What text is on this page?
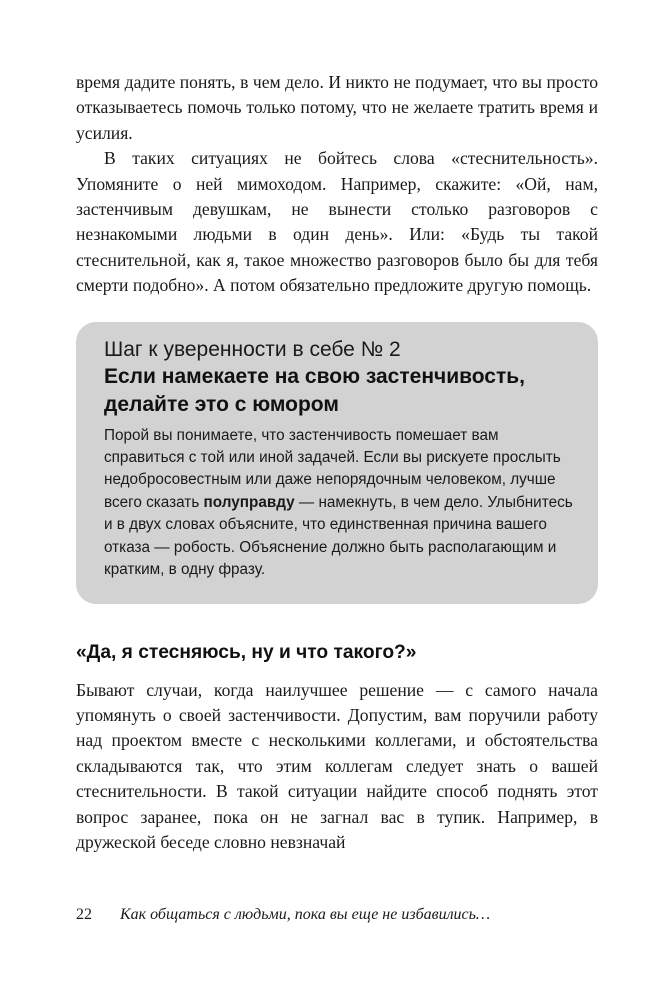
время дадите понять, в чем дело. И никто не подумает, что вы просто отказываетесь помочь только потому, что не желаете тратить время и усилия.

В таких ситуациях не бойтесь слова «стеснительность». Упомяните о ней мимоходом. Например, скажите: «Ой, нам, застенчивым девушкам, не вынести столько разговоров с незнакомыми людьми в один день». Или: «Будь ты такой стеснительной, как я, такое множество разговоров было бы для тебя смерти подобно». А потом обязательно предложите другую помощь.

Шаг к уверенности в себе № 2

Если намекаете на свою застенчивость, делайте это с юмором

Порой вы понимаете, что застенчивость помешает вам справиться с той или иной задачей. Если вы рискуете прослыть недобросовестным или даже непорядочным человеком, лучше всего сказать полуправду — намекнуть, в чем дело. Улыбнитесь и в двух словах объясните, что единственная причина вашего отказа — робость. Объяснение должно быть располагающим и кратким, в одну фразу.

«Да, я стесняюсь, ну и что такого?»

Бывают случаи, когда наилучшее решение — с самого начала упомянуть о своей застенчивости. Допустим, вам поручили работу над проектом вместе с несколькими коллегами, и обстоятельства складываются так, что этим коллегам следует знать о вашей стеснительности. В такой ситуации найдите способ поднять этот вопрос заранее, пока он не загнал вас в тупик. Например, в дружеской беседе словно невзначай

22 Как общаться с людьми, пока вы еще не избавились…
